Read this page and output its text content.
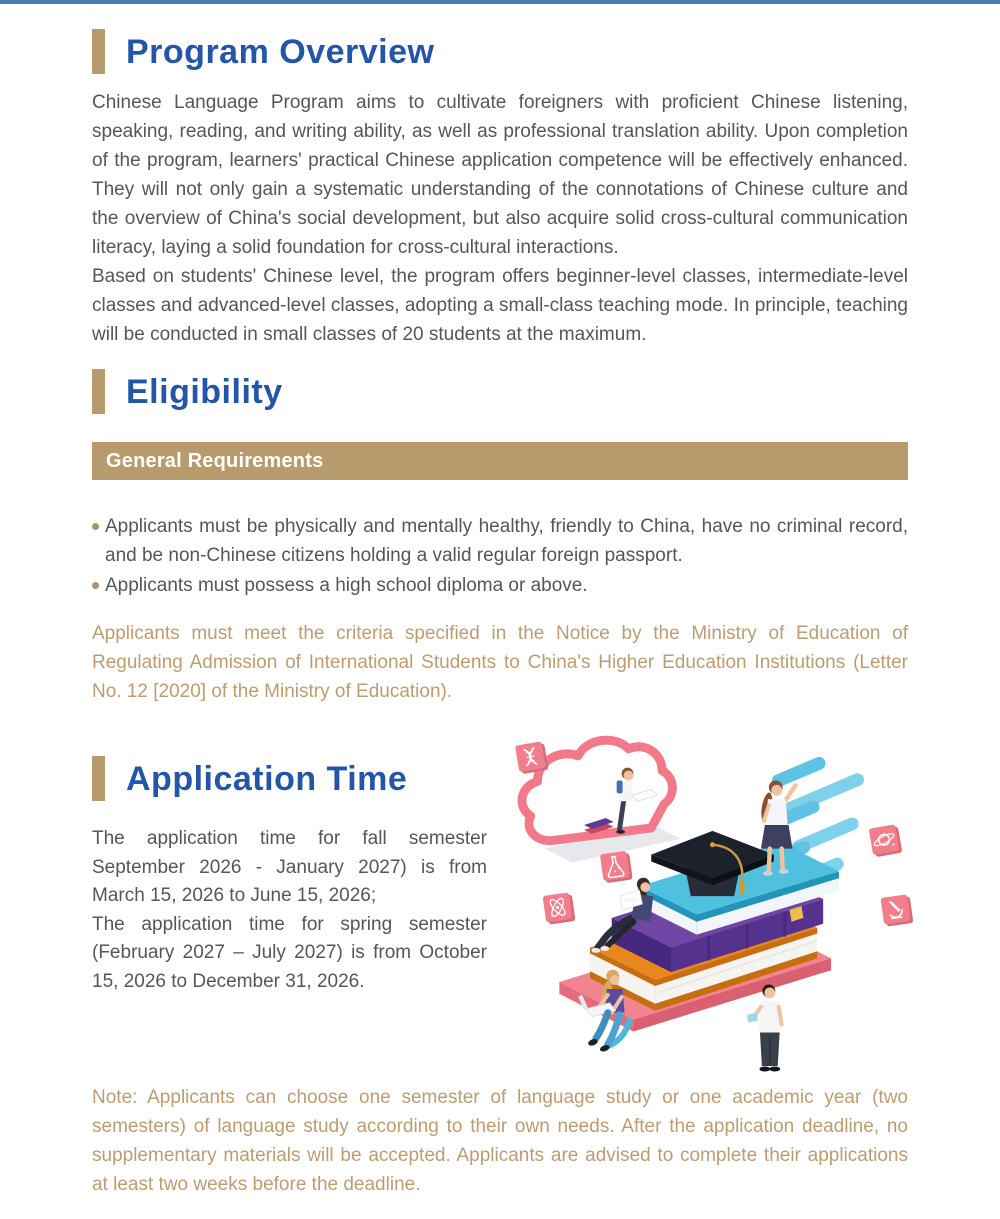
Program Overview

Chinese Language Program aims to cultivate foreigners with proficient Chinese listening, speaking, reading, and writing ability, as well as professional translation ability. Upon completion of the program, learners' practical Chinese application competence will be effectively enhanced. They will not only gain a systematic understanding of the connotations of Chinese culture and the overview of China's social development, but also acquire solid cross-cultural communication literacy, laying a solid foundation for cross-cultural interactions.

Based on students' Chinese level, the program offers beginner-level classes, intermediate-level classes and advanced-level classes, adopting a small-class teaching mode. In principle, teaching will be conducted in small classes of 20 students at the maximum.

Eligibility
General Requirements
Applicants must be physically and mentally healthy, friendly to China, have no criminal record, and be non-Chinese citizens holding a valid regular foreign passport.
Applicants must possess a high school diploma or above.

Applicants must meet the criteria specified in the Notice by the Ministry of Education of Regulating Admission of International Students to China's Higher Education Institutions (Letter No. 12 [2020] of the Ministry of Education).

Application Time

The application time for fall semester September 2026 - January 2027) is from March 15, 2026 to June 15, 2026;

The application time for spring semester (February 2027 – July 2027) is from October 15, 2026 to December 31, 2026.

Note: Applicants can choose one semester of language study or one academic year (two semesters) of language study according to their own needs. After the application deadline, no supplementary materials will be accepted. Applicants are advised to complete their applications at least two weeks before the deadline.
